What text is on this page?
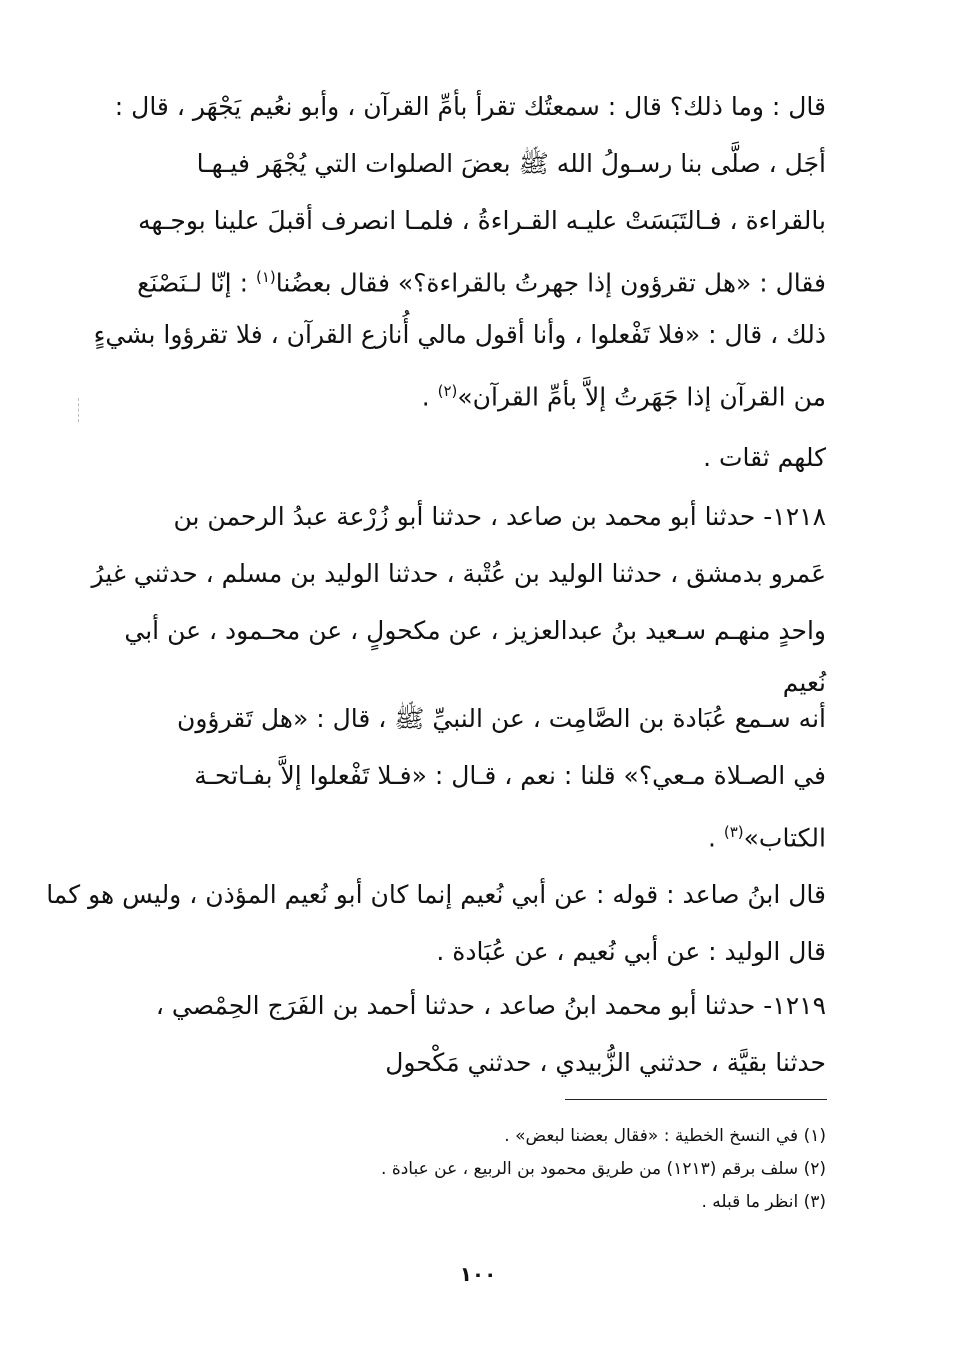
قال : وما ذلك؟ قال : سمعتُك تقرأ بأمِّ القرآن ، وأبو نعُيم يَجْهَر ، قال :
أجَل ، صلَّى بنا رسـولُ الله ﷺ بعضَ الصلوات التي يُجْهَر فيـهـا
بالقراءة ، فـالتَبَسَتْ عليـه القـراءةُ ، فلمـا انصرف أقبلَ علينا بوجـهه
فقال : «هل تقرؤون إذا جهرتُ بالقراءة؟» فقال بعضُنا$^{(١)}$ : إنّا لـنَصْنَع
ذلك ، قال : «فلا تَفْعلوا ، وأنا أقول مالي أُنازع القرآن ، فلا تقرؤوا بشيءٍ
من القرآن إذا جَهَرتُ إلاَّ بأمِّ القرآن»$^{(٢)}$ .
كلهم ثقات .
١٢١٨- حدثنا أبو محمد بن صاعد ، حدثنا أبو زُرْعة عبدُ الرحمن بن
عَمرو بدمشق ، حدثنا الوليد بن عُتْبة ، حدثنا الوليد بن مسلم ، حدثني غيرُ
واحدٍ منهـم سـعيد بنُ عبدالعزيز ، عن مكحولٍ ، عن محـمود ، عن أبي
نُعيم
أنه سـمع عُبَادة بن الصَّامِت ، عن النبيِّ ﷺ ، قال : «هل تَقرؤون
في الصـلاة مـعي؟» قلنا : نعم ، قـال : «فـلا تَفْعلوا إلاَّ بفـاتحـة
الكتاب»$^{(٣)}$ .
قال ابنُ صاعد : قوله : عن أبي نُعيم إنما كان أبو نُعيم المؤذن ، وليس هو كما
قال الوليد : عن أبي نُعيم ، عن عُبَادة .
١٢١٩- حدثنا أبو محمد ابنُ صاعد ، حدثنا أحمد بن الفَرَج الحِمْصي ،
حدثنا بقيَّة ، حدثني الزُّبيدي ، حدثني مَكْحول
(١) في النسخ الخطية : «فقال بعضنا لبعض» .
(٢) سلف برقم (١٢١٣) من طريق محمود بن الربيع ، عن عبادة .
(٣) انظر ما قبله .
١٠٠
